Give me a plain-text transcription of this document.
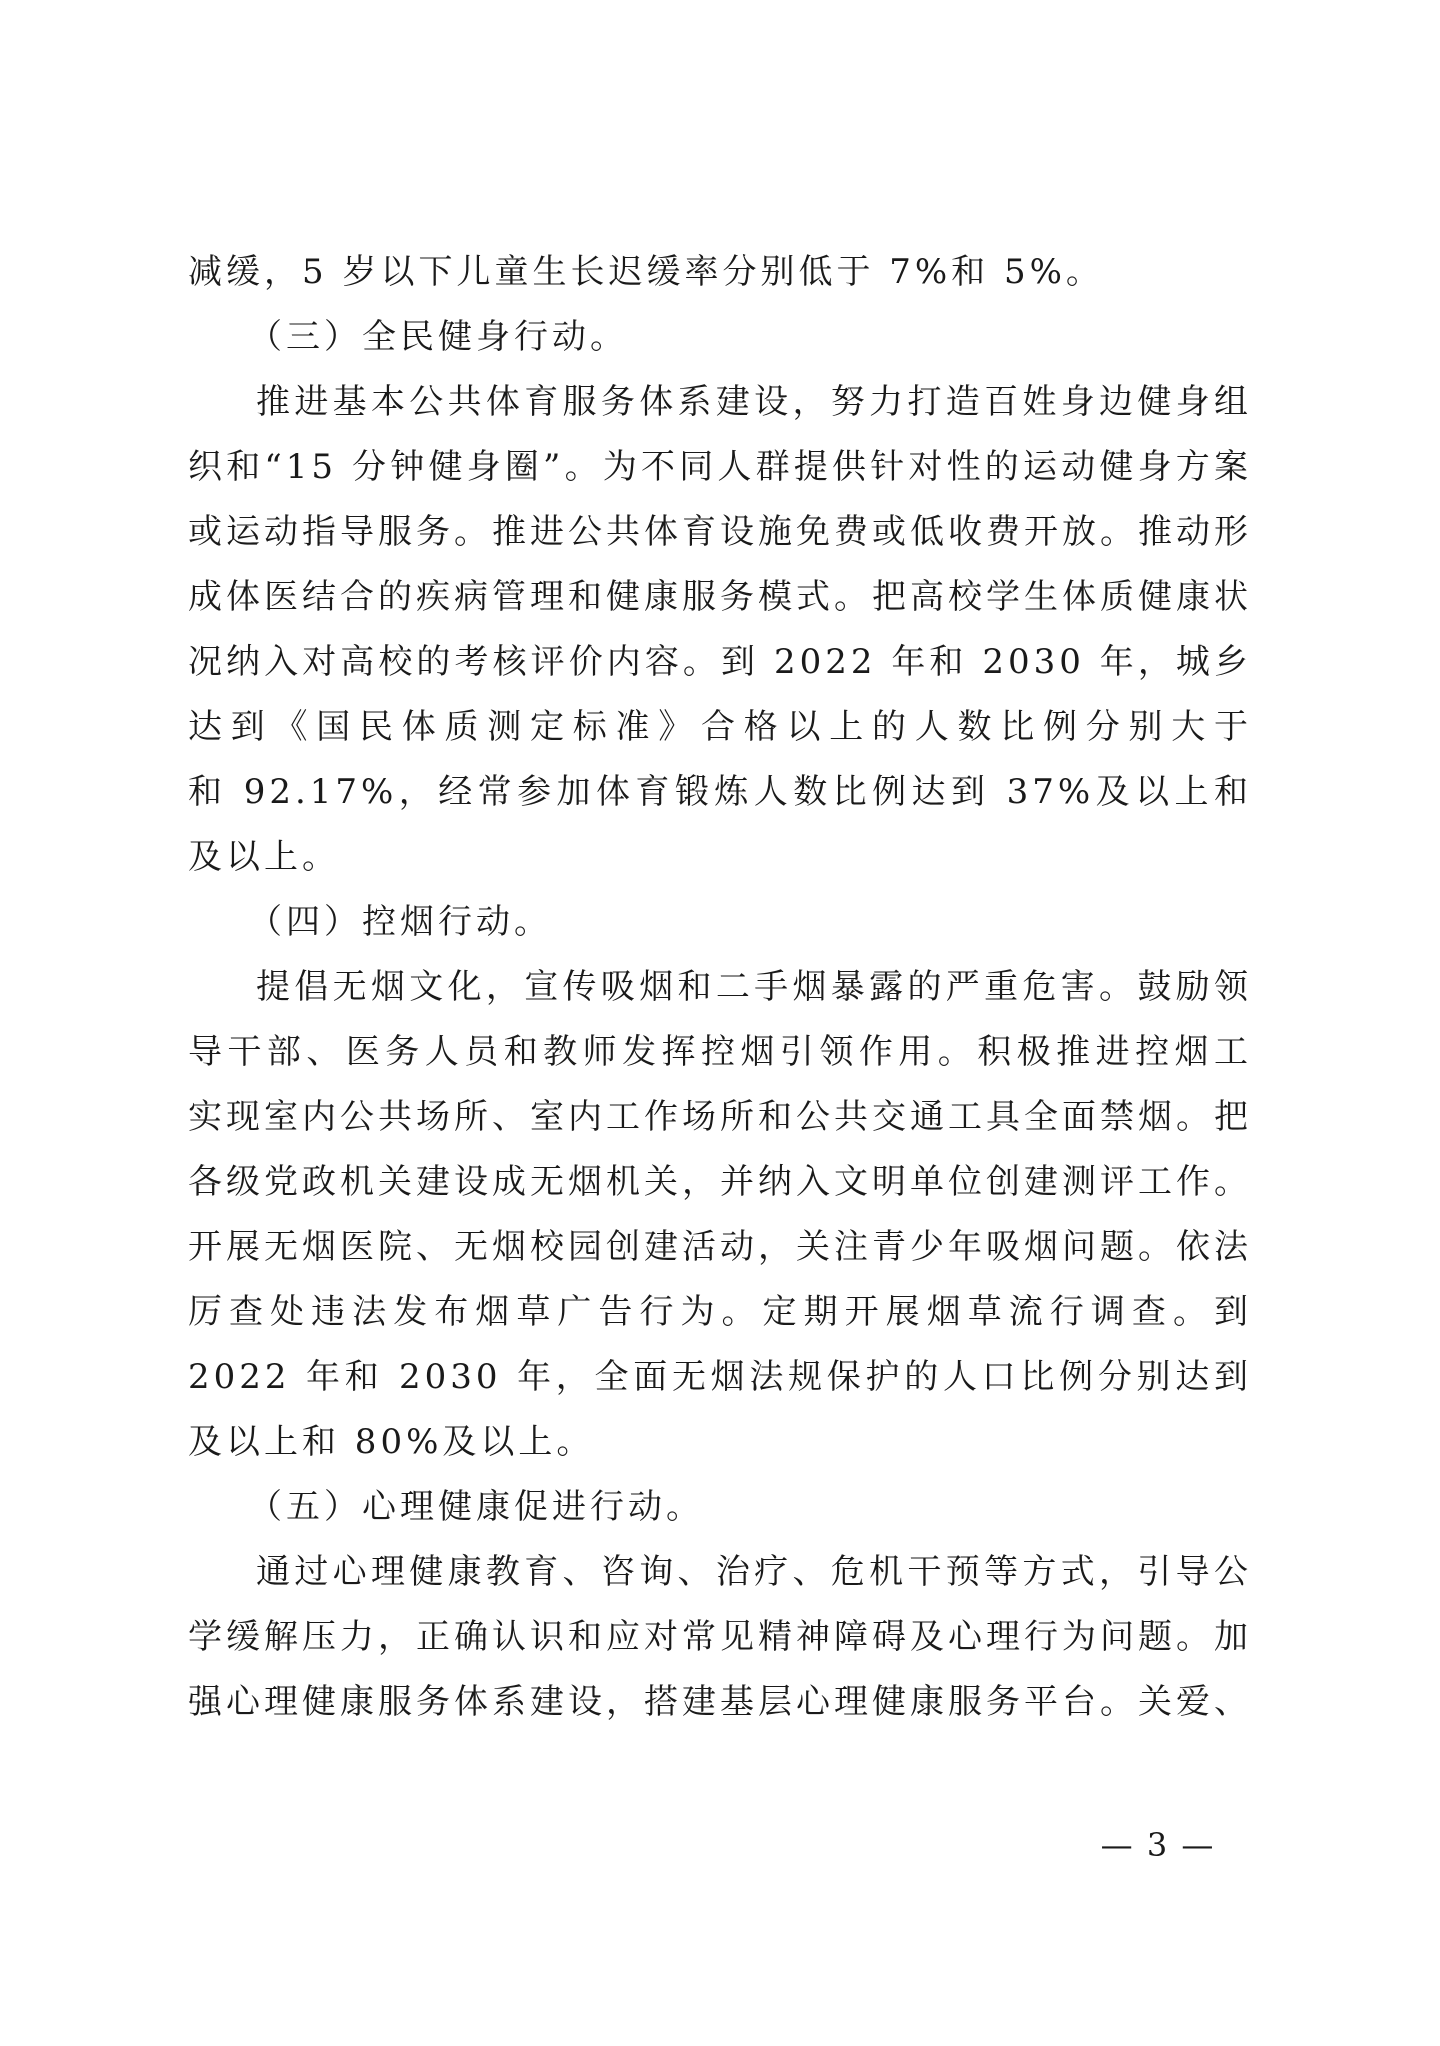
减缓，5 岁以下儿童生长迟缓率分别低于 7%和 5%。
（三）全民健身行动。
推进基本公共体育服务体系建设，努力打造百姓身边健身组
织和“15 分钟健身圈”。为不同人群提供针对性的运动健身方案
或运动指导服务。推进公共体育设施免费或低收费开放。推动形
成体医结合的疾病管理和健康服务模式。把高校学生体质健康状
况纳入对高校的考核评价内容。到 2022 年和 2030 年，城乡
达到《国民体质测定标准》合格以上的人数比例分别大于
和 92.17%，经常参加体育锻炼人数比例达到 37%及以上和
及以上。
（四）控烟行动。
提倡无烟文化，宣传吸烟和二手烟暴露的严重危害。鼓励领
导干部、医务人员和教师发挥控烟引领作用。积极推进控烟工
实现室内公共场所、室内工作场所和公共交通工具全面禁烟。把
各级党政机关建设成无烟机关，并纳入文明单位创建测评工作。
开展无烟医院、无烟校园创建活动，关注青少年吸烟问题。依法
厉查处违法发布烟草广告行为。定期开展烟草流行调查。到
2022 年和 2030 年，全面无烟法规保护的人口比例分别达到
及以上和 80%及以上。
（五）心理健康促进行动。
通过心理健康教育、咨询、治疗、危机干预等方式，引导公
学缓解压力，正确认识和应对常见精神障碍及心理行为问题。加
强心理健康服务体系建设，搭建基层心理健康服务平台。关爱、
— 3 —
